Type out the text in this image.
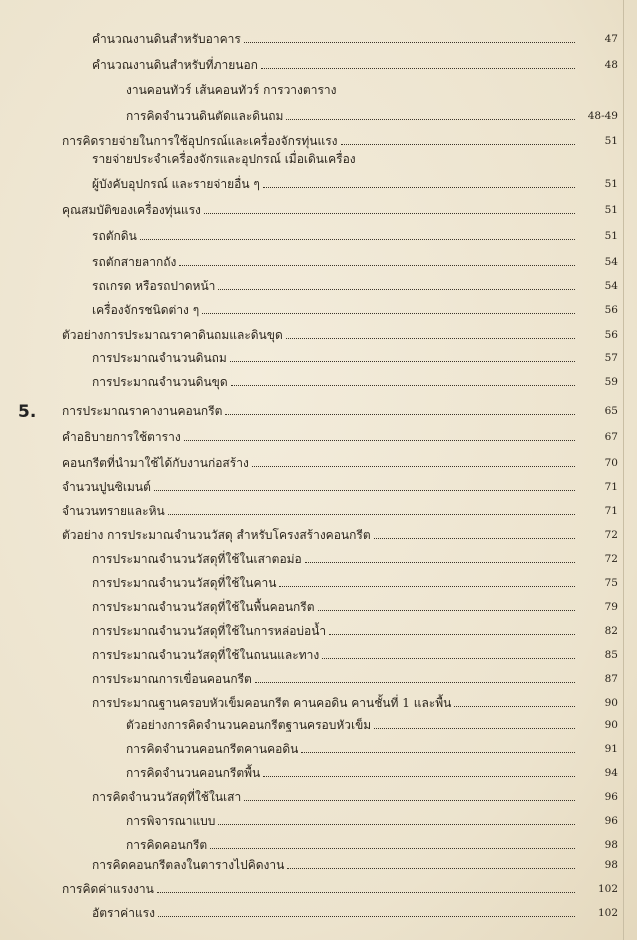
5.
คำนวณงานดินสำหรับอาคาร	47
คำนวณงานดินสำหรับที่ภายนอก	48
งานคอนทัวร์ เส้นคอนทัวร์ การวางตาราง
การคิดจำนวนดินตัดและดินถม	48-49
การคิดรายจ่ายในการใช้อุปกรณ์และเครื่องจักรทุ่นแรง	51
รายจ่ายประจำเครื่องจักรและอุปกรณ์ เมื่อเดินเครื่อง
ผู้บังคับอุปกรณ์ และรายจ่ายอื่น ๆ	51
คุณสมบัติของเครื่องทุ่นแรง	51
รถตักดิน	51
รถตักสายลากถัง	54
รถเกรด หรือรถปาดหน้า	54
เครื่องจักรชนิดต่าง ๆ	56
ตัวอย่างการประมาณราคาดินถมและดินขุด	56
การประมาณจำนวนดินถม	57
การประมาณจำนวนดินขุด	59
การประมาณราคางานคอนกรีต	65
คำอธิบายการใช้ตาราง	67
คอนกรีตที่นำมาใช้ได้กับงานก่อสร้าง	70
จำนวนปูนซิเมนต์	71
จำนวนทรายและหิน	71
ตัวอย่าง การประมาณจำนวนวัสดุ สำหรับโครงสร้างคอนกรีต	72
การประมาณจำนวนวัสดุที่ใช้ในเสาตอม่อ	72
การประมาณจำนวนวัสดุที่ใช้ในคาน	75
การประมาณจำนวนวัสดุที่ใช้ในพื้นคอนกรีต	79
การประมาณจำนวนวัสดุที่ใช้ในการหล่อบ่อน้ำ	82
การประมาณจำนวนวัสดุที่ใช้ในถนนและทาง	85
การประมาณการเขื่อนคอนกรีต	87
การประมาณฐานครอบหัวเข็มคอนกรีต คานคอดิน คานชั้นที่ 1 และพื้น	90
ตัวอย่างการคิดจำนวนคอนกรีตฐานครอบหัวเข็ม	90
การคิดจำนวนคอนกรีตคานคอดิน	91
การคิดจำนวนคอนกรีตพื้น	94
การคิดจำนวนวัสดุที่ใช้ในเสา	96
การพิจารณาแบบ	96
การคิดคอนกรีต	98
การคิดคอนกรีตลงในตารางไปคิดงาน	98
การคิดค่าแรงงาน	102
อัตราค่าแรง	102
